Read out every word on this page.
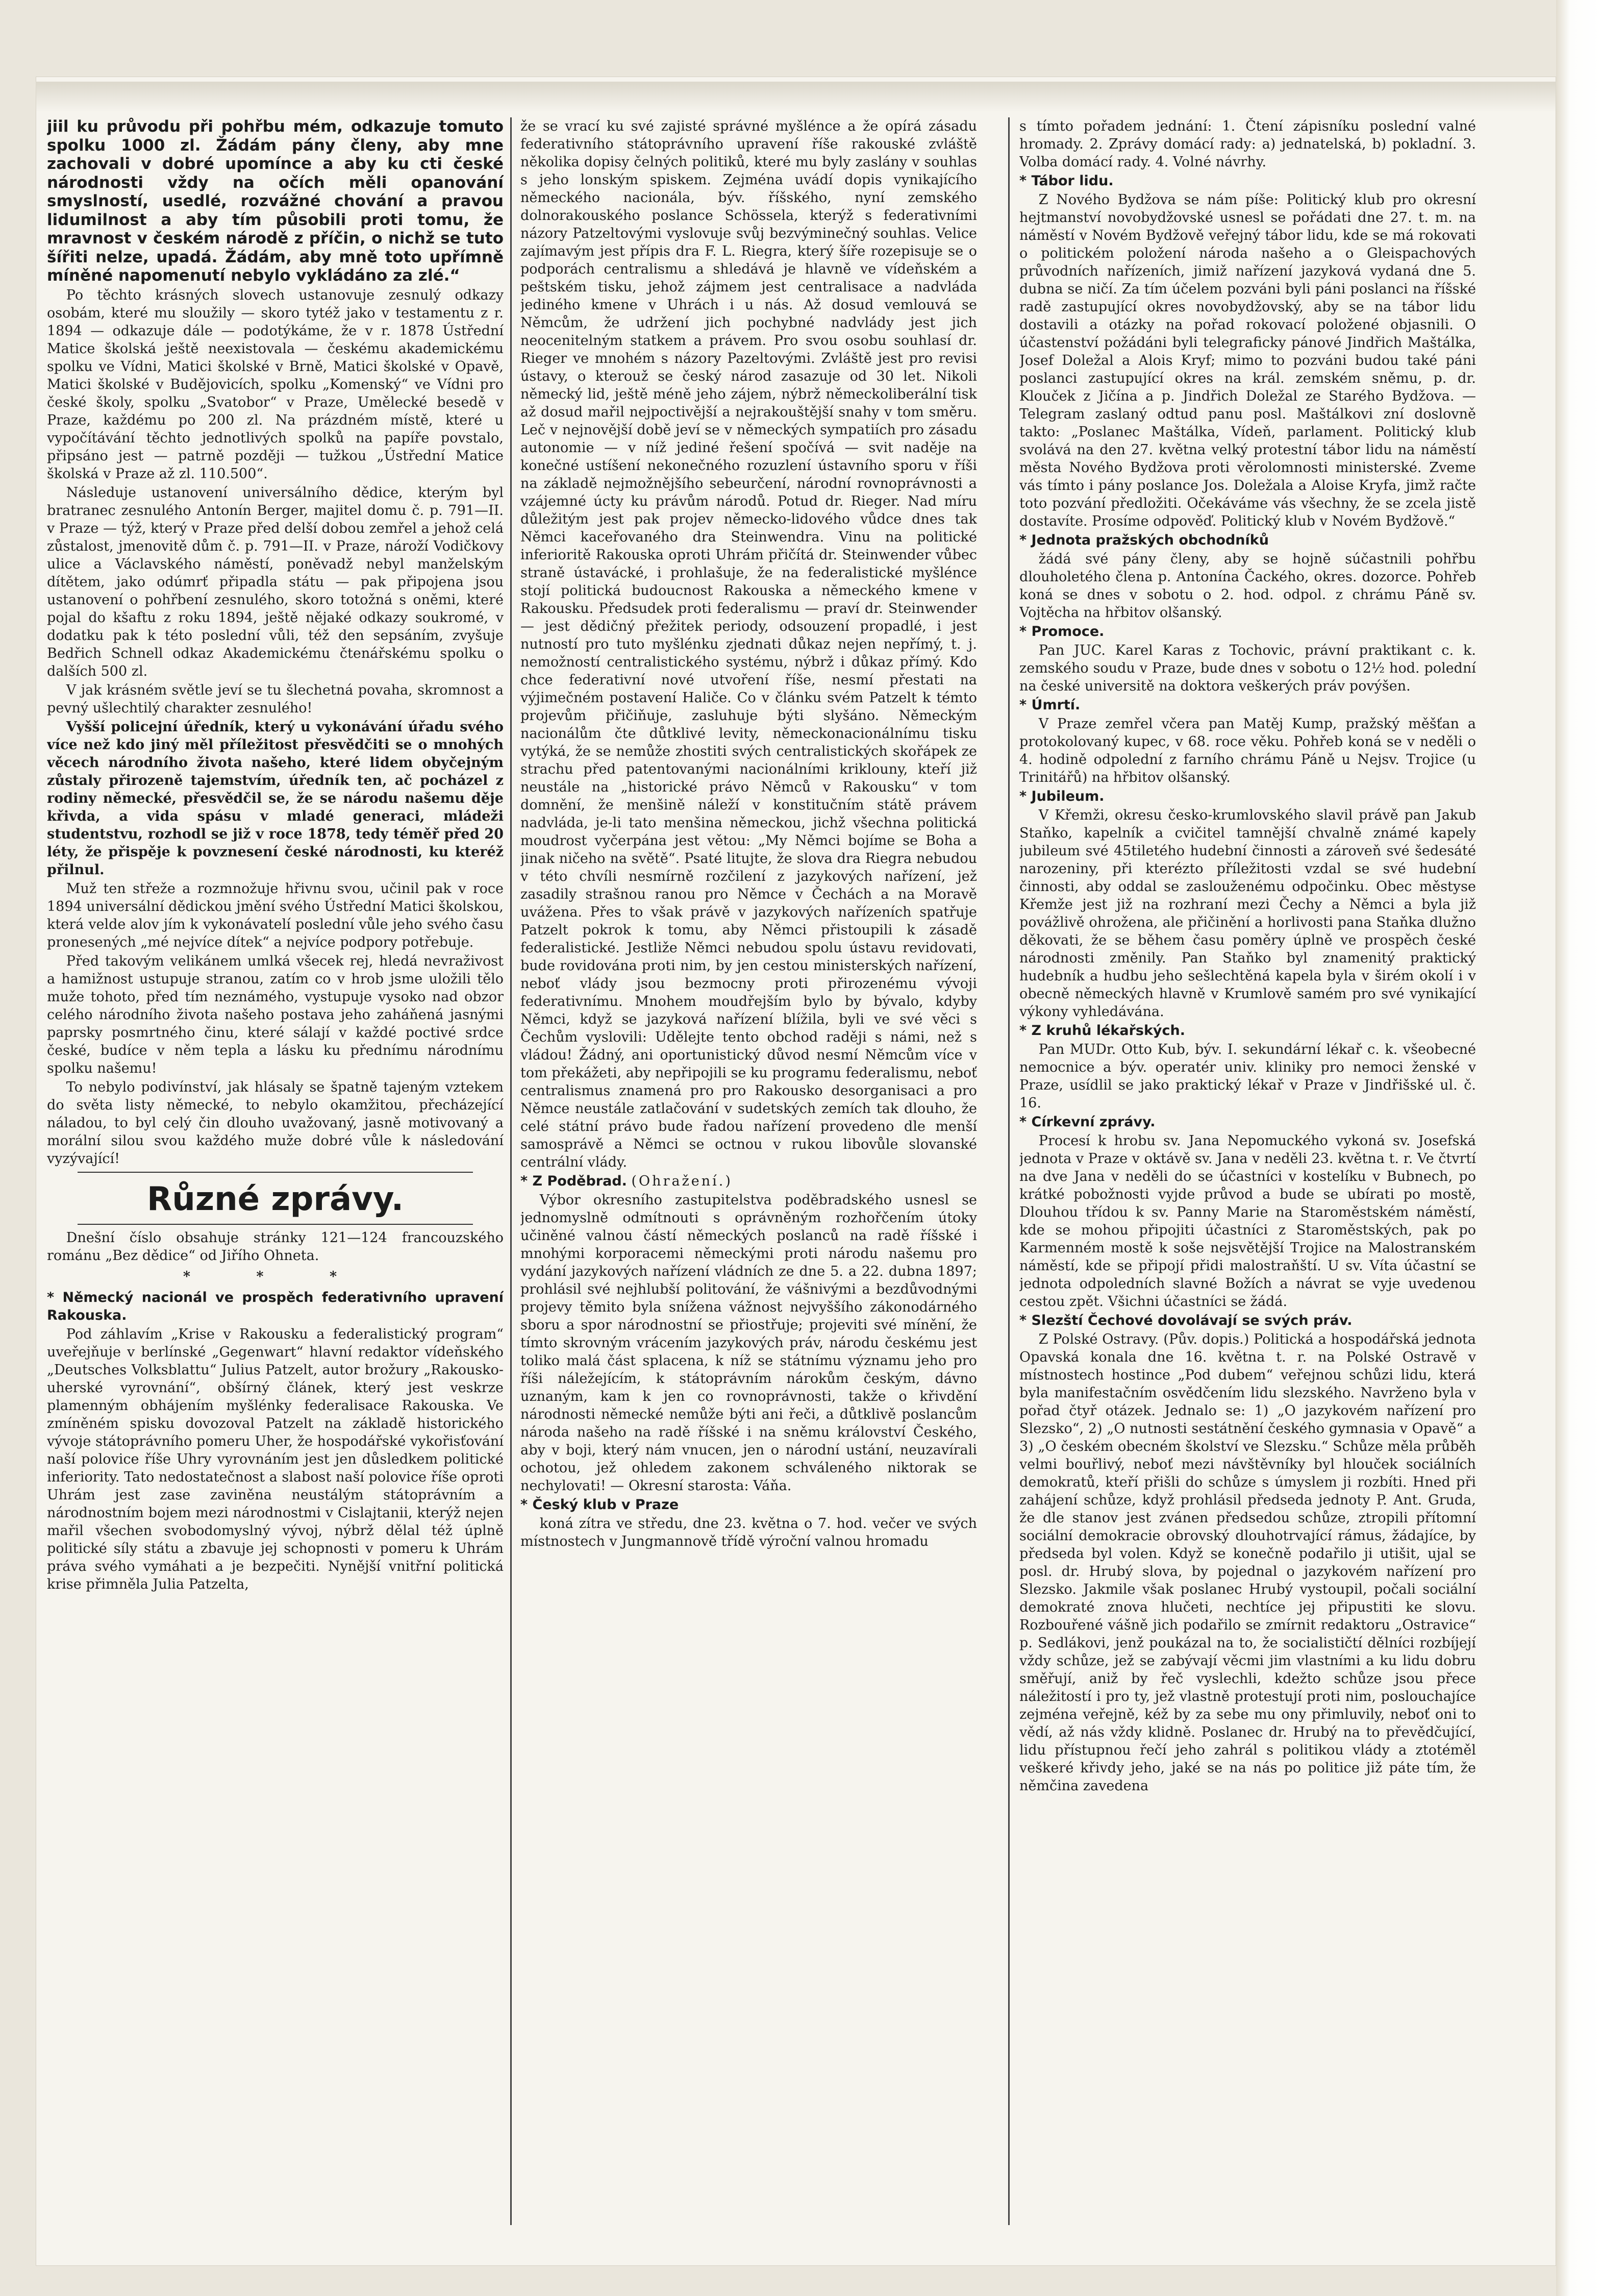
jiil ku průvodu při pohřbu mém, odkazuje tomuto spolku 1000 zl. Žádám pány členy, aby mne zachovali v dobré upomínce a aby ku cti české národnosti vždy na očích měli opanování smyslností, usedlé, rozvážné chování a pravou lidumilnost a aby tím působili proti tomu, že mravnost v českém národě z příčin, o nichž se tuto šířiti nelze, upadá. Žádám, aby mně toto upřímně míněné napomenutí nebylo vykládáno za zlé.“

Po těchto krásných slovech ustanovuje zesnulý odkazy osobám, které mu sloužily — skoro tytéž jako v testamentu z r. 1894 — odkazuje dále — podotýkáme, že v r. 1878 Ústřední Matice školská ještě neexistovala — českému akademickému spolku ve Vídni, Matici školské v Brně, Matici školské v Opavě, Matici školské v Budějovicích, spolku „Komenský“ ve Vídni pro české školy, spolku „Svatobor“ v Praze, Umělecké besedě v Praze, každému po 200 zl. Na prázdném místě, které u vypočítávání těchto jednotlivých spolků na papíře povstalo, připsáno jest — patrně později — tužkou „Ústřední Matice školská v Praze až zl. 110.500“.

Následuje ustanovení universálního dědice, kterým byl bratranec zesnulého Antonín Berger, majitel domu č. p. 791—II. v Praze — týž, který v Praze před delší dobou zemřel a jehož celá zůstalost, jmenovitě dům č. p. 791—II. v Praze, nároží Vodičkovy ulice a Václavského náměstí, poněvadž nebyl manželským dítětem, jako odúmrť připadla státu — pak připojena jsou ustanovení o pohřbení zesnulého, skoro totožná s oněmi, které pojal do kšaftu z roku 1894, ještě nějaké odkazy soukromé, v dodatku pak k této poslední vůli, též den sepsáním, zvyšuje Bedřich Schnell odkaz Akademickému čtenářskému spolku o dalších 500 zl.

V jak krásném světle jeví se tu šlechetná povaha, skromnost a pevný ušlechtilý charakter zesnulého!

Vyšší policejní úředník, který u vykonávání úřadu svého více než kdo jiný měl příležitost přesvědčiti se o mnohých věcech národního života našeho, které lidem obyčejným zůstaly přirozeně tajemstvím, úředník ten, ač pocházel z rodiny německé, přesvědčil se, že se národu našemu děje křivda, a vida spásu v mladé generaci, mládeži studentstvu, rozhodl se již v roce 1878, tedy téměř před 20 léty, že přispěje k povznesení české národnosti, ku kteréž přilnul.

Muž ten střeže a rozmnožuje hřivnu svou, učinil pak v roce 1894 universální dědickou jmění svého Ústřední Matici školskou, která velde alov jím k vykonávatelí poslední vůle jeho svého času pronesených „mé nejvíce dítek“ a nejvíce podpory potřebuje.

Před takovým velikánem umlká všecek rej, hledá nevraživost a hamižnost ustupuje stranou, zatím co v hrob jsme uložili tělo muže tohoto, před tím neznámého, vystupuje vysoko nad obzor celého národního života našeho postava jeho zaháňená jasnými paprsky posmrtného činu, které sálají v každé poctivé srdce české, budíce v něm tepla a lásku ku přednímu národnímu spolku našemu!

To nebylo podivínství, jak hlásaly se špatně tajeným vztekem do světa listy německé, to nebylo okamžitou, přecházející náladou, to byl celý čin dlouho uvažovaný, jasně motivovaný a morální silou svou každého muže dobré vůle k následování vyzývající!

Různé zprávy.

Dnešní číslo obsahuje stránky 121—124 francouzského románu „Bez dědice“ od Jiřího Ohneta.

* * *

* Německý nacionál ve prospěch federativního upravení Rakouska.

Pod záhlavím „Krise v Rakousku a federalistický program“ uveřejňuje v berlínské „Gegenwart“ hlavní redaktor vídeňského „Deutsches Volksblattu“ Julius Patzelt, autor brožury „Rakousko-uherské vyrovnání“, obšírný článek, který jest veskrze plamenným obhájením myšlénky federalisace Rakouska. Ve zmíněném spisku dovozoval Patzelt na základě historického vývoje státoprávního pomeru Uher, že hospodářské vykořisťování naší polovice říše Uhry vyrovnáním jest jen důsledkem politické inferiority. Tato nedostatečnost a slabost naší polovice říše oproti Uhrám jest zase zaviněna neustálým státoprávním a národnostním bojem mezi národnostmi v Cislajtanii, kterýž nejen mařil všechen svobodomyslný vývoj, nýbrž dělal též úplně politické síly státu a zbavuje jej schopnosti v pomeru k Uhrám práva svého vymáhati a je bezpečiti. Nynější vnitřní politická krise přimněla Julia Patzelta,

že se vrací ku své zajisté správné myšlénce a že opírá zásadu federativního státoprávního upravení říše rakouské zvláště několika dopisy čelných politiků, které mu byly zaslány v souhlas s jeho lonským spiskem. Zejména uvádí dopis vynikajícího německého nacionála, býv. říšského, nyní zemského dolnorakouského poslance Schössela, kterýž s federativními názory Patzeltovými vyslovuje svůj bezvýminečný souhlas. Velice zajímavým jest přípis dra F. L. Riegra, který šíře rozepisuje se o podporách centralismu a shledává je hlavně ve vídeňském a peštském tisku, jehož zájmem jest centralisace a nadvláda jediného kmene v Uhrách i u nás. Až dosud vemlouvá se Němcům, že udržení jich pochybné nadvlády jest jich neocenitelným statkem a právem. Pro svou osobu souhlasí dr. Rieger ve mnohém s názory Pazeltovými. Zvláště jest pro revisi ústavy, o kterouž se český národ zasazuje od 30 let. Nikoli německý lid, ještě méně jeho zájem, nýbrž německoliberální tisk až dosud mařil nejpoctivější a nejrakouštější snahy v tom směru. Leč v nejnovější době jeví se v německých sympatiích pro zásadu autonomie — v níž jediné řešení spočívá — svit naděje na konečné ustíšení nekonečného rozuzlení ústavního sporu v říši na základě nejmožnějšího sebeurčení, národní rovnoprávnosti a vzájemné úcty ku právům národů. Potud dr. Rieger. Nad míru důležitým jest pak projev německo-lidového vůdce dnes tak Němci kaceřovaného dra Steinwendra. Vinu na politické inferioritě Rakouska oproti Uhrám přičítá dr. Steinwender vůbec straně ústavácké, i prohlašuje, že na federalistické myšlénce stojí politická budoucnost Rakouska a německého kmene v Rakousku. Předsudek proti federalismu — praví dr. Steinwender — jest dědičný přežitek periody, odsouzení propadlé, i jest nutností pro tuto myšlénku zjednati důkaz nejen nepřímý, t. j. nemožností centralistického systému, nýbrž i důkaz přímý. Kdo chce federativní nové utvoření říše, nesmí přestati na výjimečném postavení Haliče. Co v článku svém Patzelt k témto projevům přičiňuje, zasluhuje býti slyšáno. Německým nacionálům čte důtklivé levity, německonacionálnímu tisku vytýká, že se nemůže zhostiti svých centralistických skořápek ze strachu před patentovanými nacionálními kriklouny, kteří již neustále na „historické právo Němců v Rakousku“ v tom domnění, že menšině náleží v konstitučním státě právem nadvláda, je-li tato menšina německou, jichž všechna politická moudrost vyčerpána jest větou: „My Němci bojíme se Boha a jinak ničeho na světě“. Psaté litujte, že slova dra Riegra nebudou v této chvíli nesmírně rozčilení z jazykových nařízení, jež zasadily strašnou ranou pro Němce v Čechách a na Moravě uvážena. Přes to však právě v jazykových nařízeních spatřuje Patzelt pokrok k tomu, aby Němci přistoupili k zásadě federalistické. Jestliže Němci nebudou spolu ústavu revidovati, bude rovidována proti nim, by jen cestou ministerských nařízení, neboť vlády jsou bezmocny proti přirozenému vývoji federativnímu. Mnohem moudřejším bylo by bývalo, kdyby Němci, když se jazyková nařízení blížila, byli ve své věci s Čechům vyslovili: Udělejte tento obchod raději s námi, než s vládou! Žádný, ani oportunistický důvod nesmí Němcům více v tom překážeti, aby nepřipojili se ku programu federalismu, neboť centralismus znamená pro pro Rakousko desorganisaci a pro Němce neustále zatlačování v sudetských zemích tak dlouho, že celé státní právo bude řadou nařízení provedeno dle menší samosprávě a Němci se octnou v rukou libovůle slovanské centrální vlády.

* Z Poděbrad. (Ohražení.)

Výbor okresního zastupitelstva poděbradského usnesl se jednomyslně odmítnouti s oprávněným rozhořčením útoky učiněné valnou částí německých poslanců na radě říšské i mnohými korporacemi německými proti národu našemu pro vydání jazykových nařízení vládních ze dne 5. a 22. dubna 1897; prohlásil své nejhlubší politování, že vášnivými a bezdůvodnými projevy těmito byla snížena vážnost nejvyššího zákonodárného sboru a spor národnostní se přiostřuje; projeviti své mínění, že tímto skrovným vrácením jazykových práv, národu českému jest toliko malá část splacena, k níž se státnímu významu jeho pro říši náležejícím, k státoprávním nárokům českým, dávno uznaným, kam k jen co rovnoprávnosti, takže o křivdění národnosti německé nemůže býti ani řeči, a důtklivě poslancům národa našeho na radě říšské i na sněmu království Českého, aby v boji, který nám vnucen, jen o národní ustání, neuzavírali ochotou, jež ohledem zakonem schváleného niktorak se nechylovati! — Okresní starosta: Váňa.

* Český klub v Praze

koná zítra ve středu, dne 23. května o 7. hod. večer ve svých místnostech v Jungmannově třídě výroční valnou hromadu

s tímto pořadem jednání: 1. Čtení zápisníku poslední valné hromady. 2. Zprávy domácí rady: a) jednatelská, b) pokladní. 3. Volba domácí rady. 4. Volné návrhy.

* Tábor lidu.

Z Nového Bydžova se nám píše: Politický klub pro okresní hejtmanství novobydžovské usnesl se pořádati dne 27. t. m. na náměstí v Novém Bydžově veřejný tábor lidu, kde se má rokovati o politickém položení národa našeho a o Gleispachových průvodních nařízeních, jimiž nařízení jazyková vydaná dne 5. dubna se ničí. Za tím účelem pozváni byli páni poslanci na říšské radě zastupující okres novobydžovský, aby se na tábor lidu dostavili a otázky na pořad rokovací položené objasnili. O účastenství požádáni byli telegraficky pánové Jindřich Maštálka, Josef Doležal a Alois Kryf; mimo to pozváni budou také páni poslanci zastupující okres na král. zemském sněmu, p. dr. Klouček z Jičína a p. Jindřich Doležal ze Starého Bydžova. — Telegram zaslaný odtud panu posl. Maštálkovi zní doslovně takto: „Poslanec Maštálka, Vídeň, parlament. Politický klub svolává na den 27. května velký protestní tábor lidu na náměstí města Nového Bydžova proti věrolomnosti ministerské. Zveme vás tímto i pány poslance Jos. Doležala a Aloise Kryfa, jimž račte toto pozvání předložiti. Očekáváme vás všechny, že se zcela jistě dostavíte. Prosíme odpověď. Politický klub v Novém Bydžově.“

* Jednota pražských obchodníků

žádá své pány členy, aby se hojně súčastnili pohřbu dlouholetého člena p. Antonína Čackého, okres. dozorce. Pohřeb koná se dnes v sobotu o 2. hod. odpol. z chrámu Páně sv. Vojtěcha na hřbitov olšanský.

* Promoce.

Pan JUC. Karel Karas z Tochovic, právní praktikant c. k. zemského soudu v Praze, bude dnes v sobotu o 12½ hod. polední na české universitě na doktora veškerých práv povýšen.

* Úmrtí.

V Praze zemřel včera pan Matěj Kump, pražský měšťan a protokolovaný kupec, v 68. roce věku. Pohřeb koná se v neděli o 4. hodině odpolední z farního chrámu Páně u Nejsv. Trojice (u Trinitářů) na hřbitov olšanský.

* Jubileum.

V Křemži, okresu česko-krumlovského slavil právě pan Jakub Staňko, kapelník a cvičitel tamnější chvalně známé kapely jubileum své 45tiletého hudební činnosti a zároveň své šedesáté narozeniny, při kterézto příležitosti vzdal se své hudební činnosti, aby oddal se zaslouženému odpočinku. Obec městyse Křemže jest již na rozhraní mezi Čechy a Němci a byla již povážlivě ohrožena, ale přičinění a horlivosti pana Staňka dlužno děkovati, že se během času poměry úplně ve prospěch české národnosti změnily. Pan Staňko byl znamenitý praktický hudebník a hudbu jeho sešlechtěná kapela byla v širém okolí i v obecně německých hlavně v Krumlově samém pro své vynikající výkony vyhledávána.

* Z kruhů lékařských.

Pan MUDr. Otto Kub, býv. I. sekundární lékař c. k. všeobecné nemocnice a býv. operatér univ. kliniky pro nemoci ženské v Praze, usídlil se jako praktický lékař v Praze v Jindřišské ul. č. 16.

* Církevní zprávy.

Procesí k hrobu sv. Jana Nepomuckého vykoná sv. Josefská jednota v Praze v oktávě sv. Jana v neděli 23. května t. r. Ve čtvrtí na dve Jana v neděli do se účastníci v kostelíku v Bubnech, po krátké pobožnosti vyjde průvod a bude se ubírati po mostě, Dlouhou třídou k sv. Panny Marie na Staroměstském náměstí, kde se mohou připojiti účastníci z Staroměstských, pak po Karmenném mostě k soše nejsvětější Trojice na Malostranském náměstí, kde se připojí přidi malostraňští. U sv. Víta účastní se jednota odpoledních slavné Božích a návrat se vyje uvedenou cestou zpět. Všichni účastníci se žádá.

* Slezští Čechové dovolávají se svých práv.

Z Polské Ostravy. (Pův. dopis.) Politická a hospodářská jednota Opavská konala dne 16. května t. r. na Polské Ostravě v místnostech hostince „Pod dubem“ veřejnou schůzi lidu, která byla manifestačním osvědčením lidu slezského. Navrženo byla v pořad čtyř otázek. Jednalo se: 1) „O jazykovém nařízení pro Slezsko“, 2) „O nutnosti sestátnění českého gymnasia v Opavě“ a 3) „O českém obecném školství ve Slezsku.“ Schůze měla průběh velmi bouřlivý, neboť mezi návštěvníky byl hlouček sociálních demokratů, kteří přišli do schůze s úmyslem ji rozbíti. Hned při zahájení schůze, když prohlásil předseda jednoty P. Ant. Gruda, že dle stanov jest zvánen předsedou schůze, ztropili přítomní sociální demokracie obrovský dlouhotrvající rámus, žádajíce, by předseda byl volen. Když se konečně podařilo ji utišit, ujal se posl. dr. Hrubý slova, by pojednal o jazykovém nařízení pro Slezsko. Jakmile však poslanec Hrubý vystoupil, počali sociální demokraté znova hlučeti, nechtíce jej připustiti ke slovu. Rozbouřené vášně jich podařilo se zmírnit redaktoru „Ostravice“ p. Sedlákovi, jenž poukázal na to, že socialističtí dělníci rozbíjejí vždy schůze, jež se zabývají věcmi jim vlastními a ku lidu dobru směřují, aniž by řeč vyslechli, kdežto schůze jsou přece náležitostí i pro ty, jež vlastně protestují proti nim, poslouchajíce zejména veřejně, kéž by za sebe mu ony přimluvily, neboť oni to vědí, až nás vždy klidně. Poslanec dr. Hrubý na to převědčující, lidu přístupnou řečí jeho zahrál s politikou vlády a ztotéměl veškeré křivdy jeho, jaké se na nás po politice již páte tím, že němčina zavedena
